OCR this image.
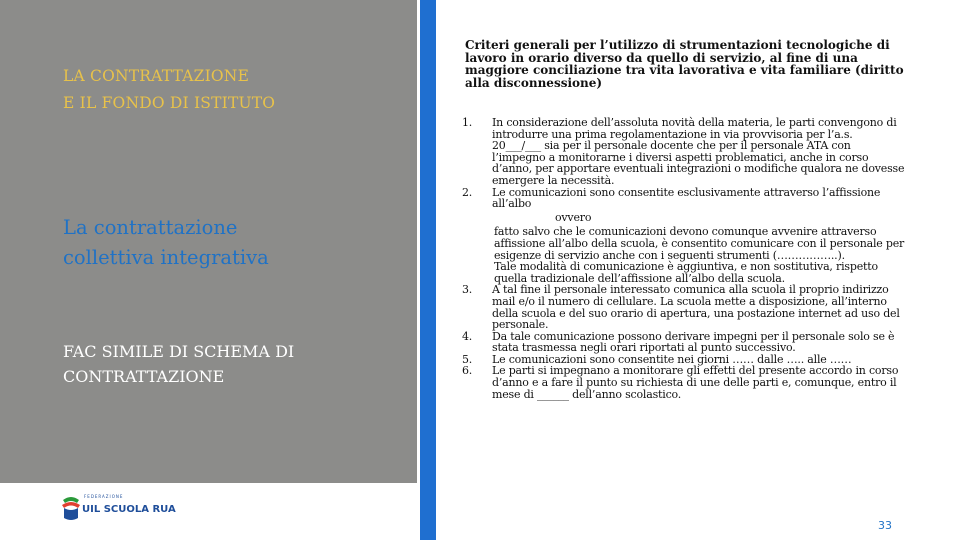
LA CONTRATTAZIONE
E IL FONDO DI ISTITUTO
La contrattazione
collettiva integrativa
FAC SIMILE DI SCHEMA DI
CONTRATTAZIONE
FEDERAZIONE
UIL SCUOLA RUA
Criteri generali per l’utilizzo di strumentazioni tecnologiche di
lavoro in orario diverso da quello di servizio, al fine di una
maggiore conciliazione tra vita lavorativa e vita familiare (diritto
alla disconnessione)
1. In considerazione dell’assoluta novità della materia, le parti convengono di
introdurre una prima regolamentazione in via provvisoria per l’a.s.
20___/___ sia per il personale docente che per il personale ATA con
l’impegno a monitorarne i diversi aspetti problematici, anche in corso
d’anno, per apportare eventuali integrazioni o modifiche qualora ne dovesse
emergere la necessità.
2. Le comunicazioni sono consentite esclusivamente attraverso l’affissione
all’albo
ovvero
fatto salvo che le comunicazioni devono comunque avvenire attraverso
affissione all’albo della scuola, è consentito comunicare con il personale per
esigenze di servizio anche con i seguenti strumenti (……………..).
Tale modalità di comunicazione è aggiuntiva, e non sostitutiva, rispetto
quella tradizionale dell’affissione all’albo della scuola.
3. A tal fine il personale interessato comunica alla scuola il proprio indirizzo
mail e/o il numero di cellulare. La scuola mette a disposizione, all’interno
della scuola e del suo orario di apertura, una postazione internet ad uso del
personale.
4. Da tale comunicazione possono derivare impegni per il personale solo se è
stata trasmessa negli orari riportati al punto successivo.
5. Le comunicazioni sono consentite nei giorni …… dalle ….. alle ……
6. Le parti si impegnano a monitorare gli effetti del presente accordo in corso
d’anno e a fare il punto su richiesta di une delle parti e, comunque, entro il
mese di ______ dell’anno scolastico.
33
